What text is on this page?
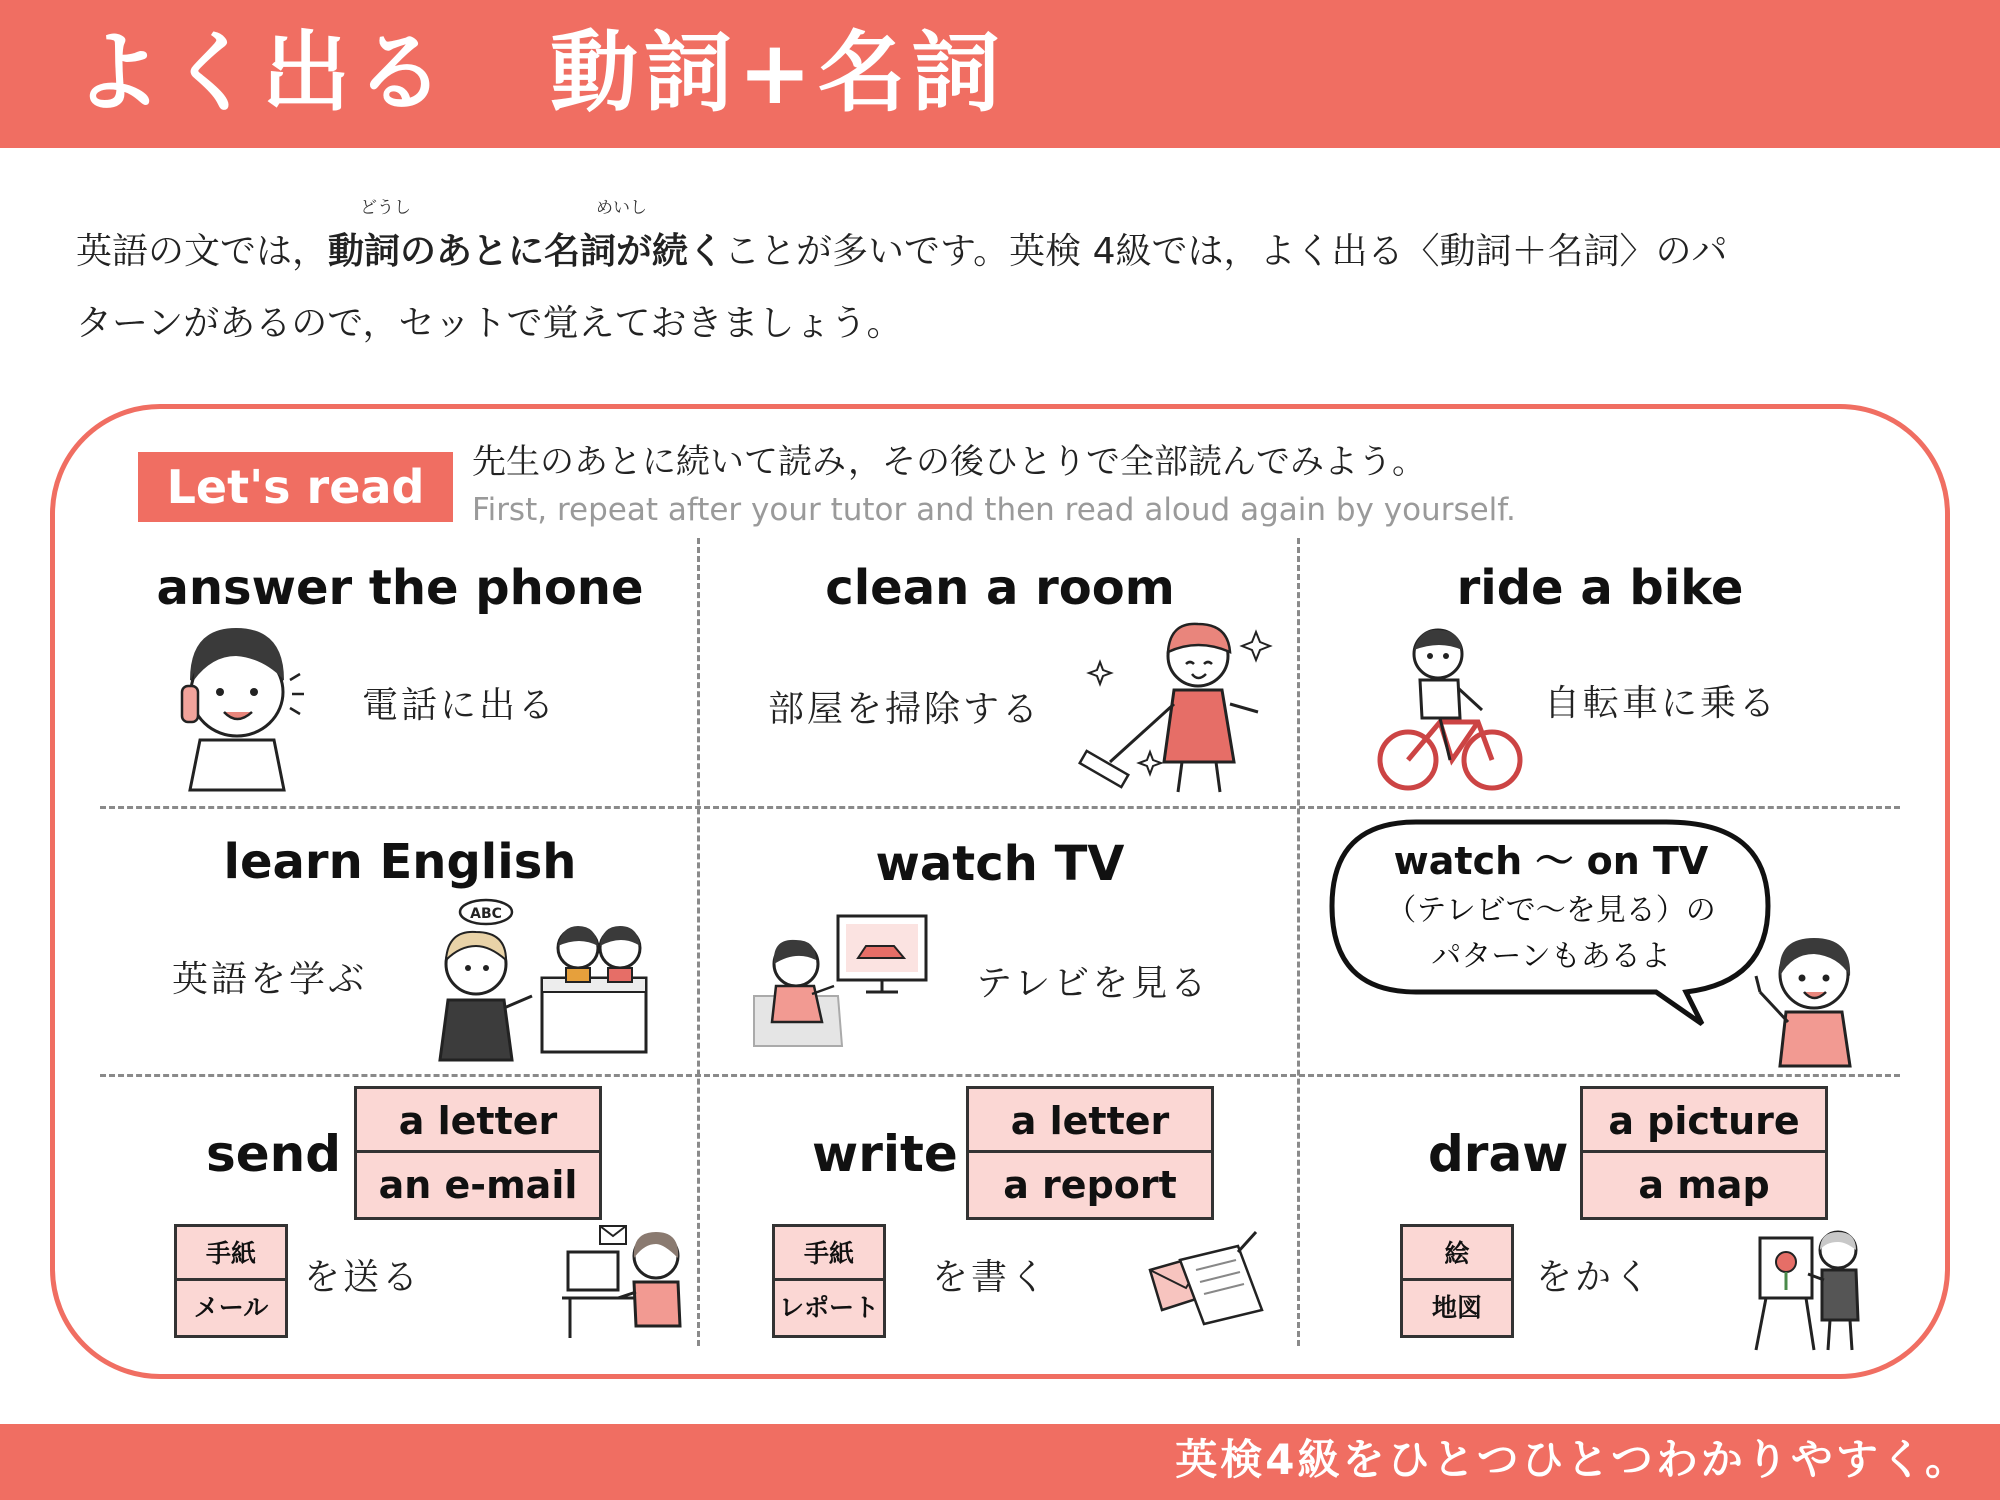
よく出る 動詞+名詞
どうし	めいし
英語の文では，動詞のあとに名詞が続くことが多いです。英検 4級では，よく出る〈動詞＋名詞〉のパ
ターンがあるので，セットで覚えておきましょう。
Let's read	先生のあとに続いて読み，その後ひとりで全部読んでみよう。
First, repeat after your tutor and then read aloud again by yourself.
answer the phone
電話に出る
clean a room
部屋を掃除する
ride a bike
自転車に乗る
learn English
英語を学ぶ
ABC
watch TV
テレビを見る
watch ～ on TV
（テレビで～を見る）の
パターンもあるよ
send
a letter
an e-mail
手紙
メール
を送る
write
a letter
a report
手紙
レポート
を書く
draw
a picture
a map
絵
地図
をかく
英検4級をひとつひとつわかりやすく。
